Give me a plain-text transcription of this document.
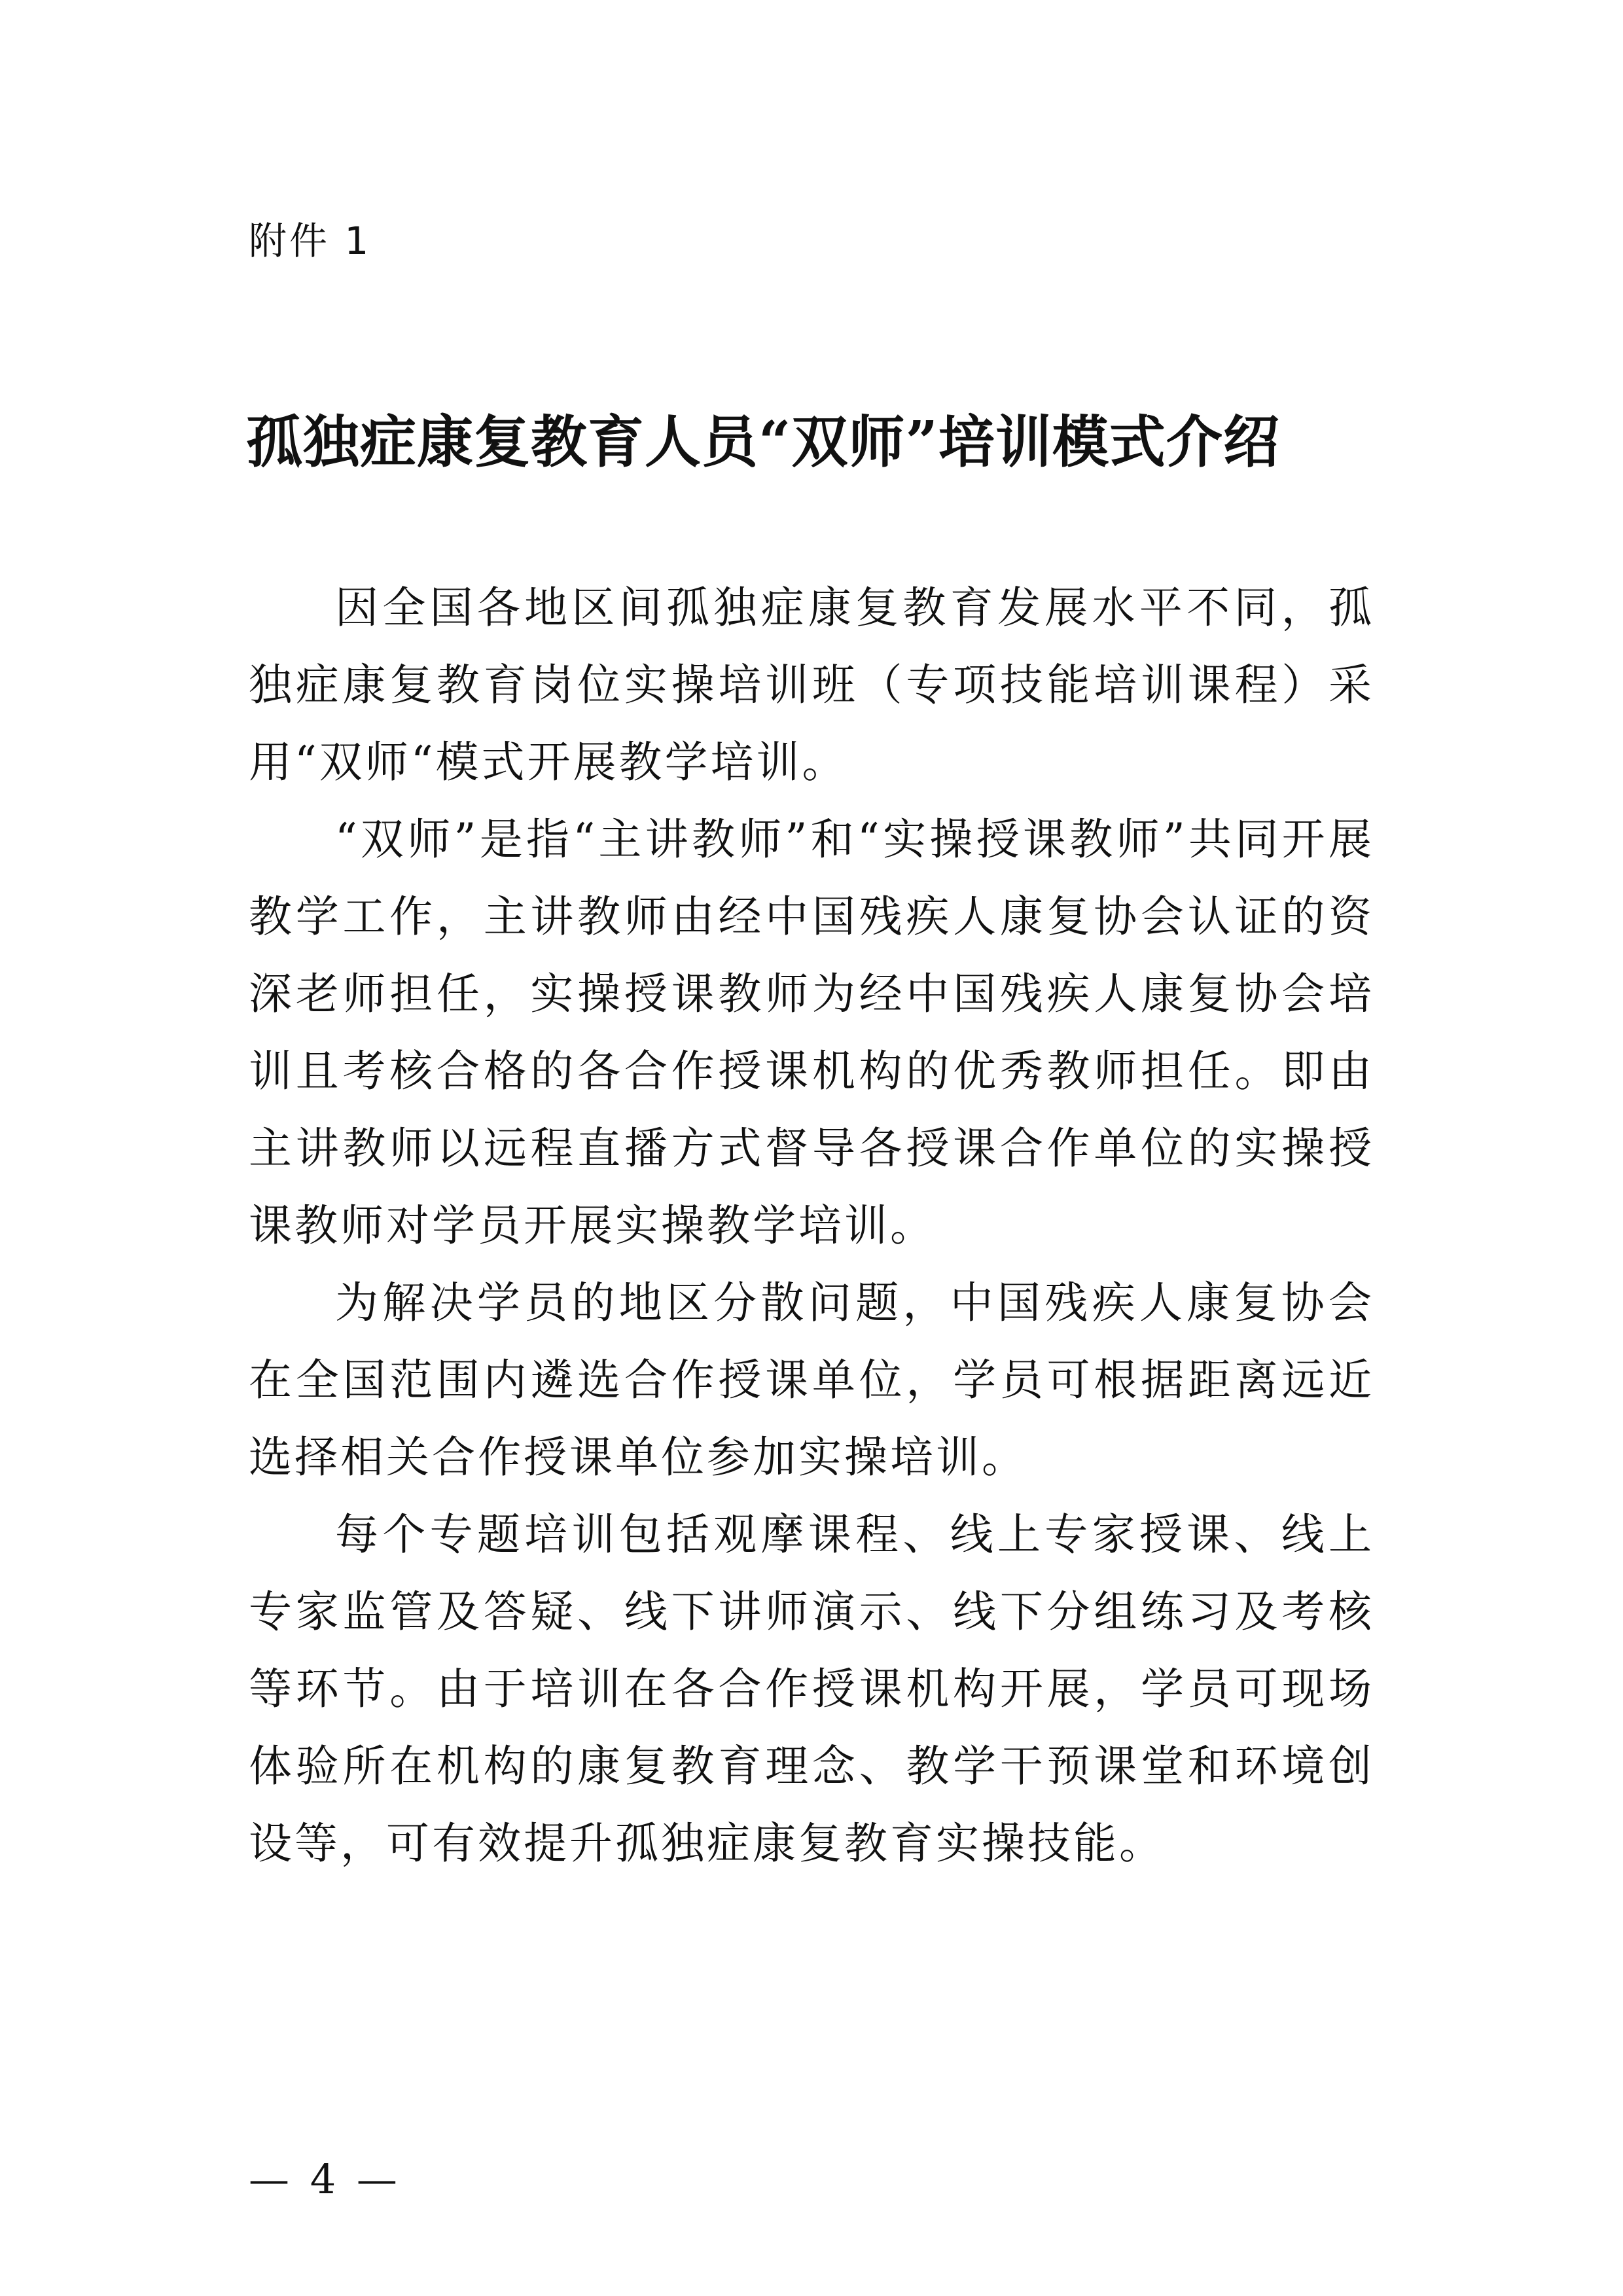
附件 1
孤独症康复教育人员“双师”培训模式介绍

因全国各地区间孤独症康复教育发展水平不同，孤独症康复教育岗位实操培训班（专项技能培训课程）采用“双师“模式开展教学培训。

“双师”是指“主讲教师”和“实操授课教师”共同开展教学工作，主讲教师由经中国残疾人康复协会认证的资深老师担任，实操授课教师为经中国残疾人康复协会培训且考核合格的各合作授课机构的优秀教师担任。即由主讲教师以远程直播方式督导各授课合作单位的实操授课教师对学员开展实操教学培训。

为解决学员的地区分散问题，中国残疾人康复协会在全国范围内遴选合作授课单位，学员可根据距离远近选择相关合作授课单位参加实操培训。

每个专题培训包括观摩课程、线上专家授课、线上专家监管及答疑、线下讲师演示、线下分组练习及考核等环节。由于培训在各合作授课机构开展，学员可现场体验所在机构的康复教育理念、教学干预课堂和环境创设等，可有效提升孤独症康复教育实操技能。

— 4 —
